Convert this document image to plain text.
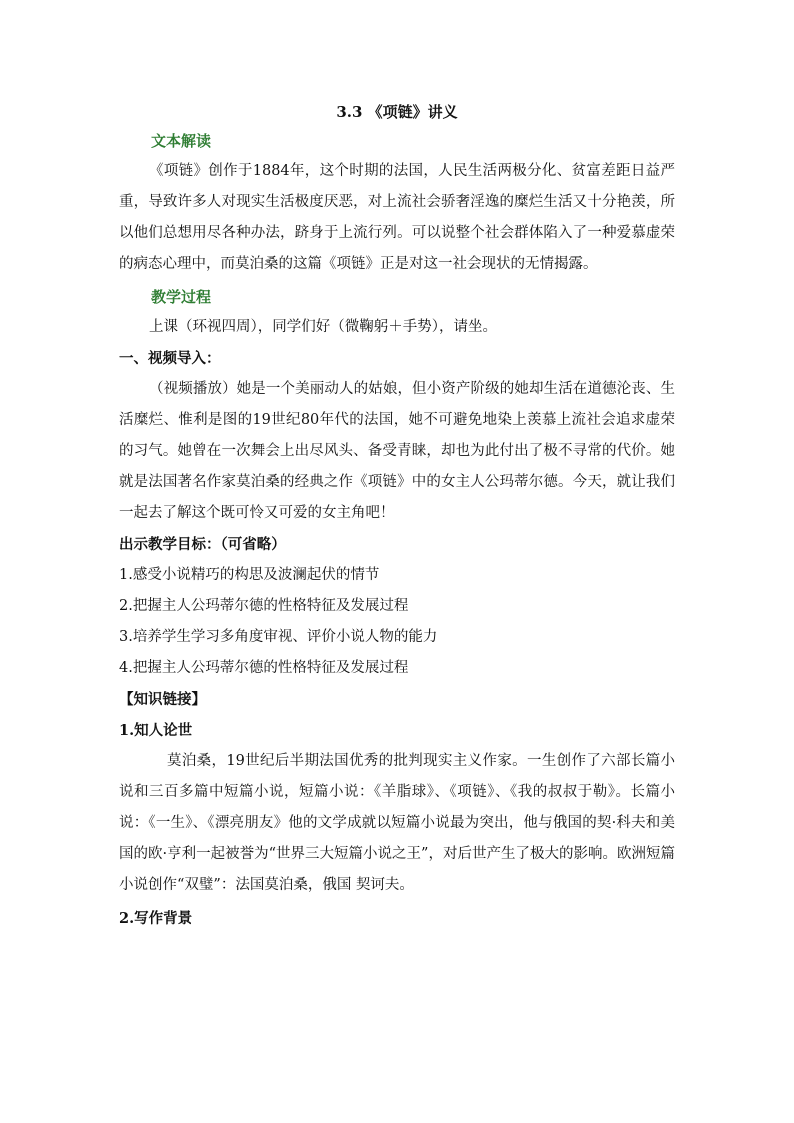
3.3 《项链》讲义
文本解读

《项链》创作于1884年，这个时期的法国，人民生活两极分化、贫富差距日益严重，导致许多人对现实生活极度厌恶，对上流社会骄奢淫逸的糜烂生活又十分艳羡，所以他们总想用尽各种办法，跻身于上流行列。可以说整个社会群体陷入了一种爱慕虚荣的病态心理中，而莫泊桑的这篇《项链》正是对这一社会现状的无情揭露。

教学过程

上课（环视四周），同学们好（微鞠躬＋手势），请坐。

一、视频导入：

（视频播放）她是一个美丽动人的姑娘，但小资产阶级的她却生活在道德沦丧、生活糜烂、惟利是图的19世纪80年代的法国，她不可避免地染上羡慕上流社会追求虚荣的习气。她曾在一次舞会上出尽风头、备受青睐，却也为此付出了极不寻常的代价。她就是法国著名作家莫泊桑的经典之作《项链》中的女主人公玛蒂尔德。今天，就让我们一起去了解这个既可怜又可爱的女主角吧！

出示教学目标：（可省略）

1.感受小说精巧的构思及波澜起伏的情节

2.把握主人公玛蒂尔德的性格特征及发展过程

3.培养学生学习多角度审视、评价小说人物的能力

4.把握主人公玛蒂尔德的性格特征及发展过程

【知识链接】

1.知人论世

莫泊桑，19世纪后半期法国优秀的批判现实主义作家。一生创作了六部长篇小说和三百多篇中短篇小说，短篇小说：《羊脂球》、《项链》、《我的叔叔于勒》。长篇小说：《一生》、《漂亮朋友》他的文学成就以短篇小说最为突出，他与俄国的契·科夫和美国的欧·亨利一起被誉为“世界三大短篇小说之王”，对后世产生了极大的影响。欧洲短篇小说创作“双璧”：法国莫泊桑，俄国 契诃夫。

2.写作背景
